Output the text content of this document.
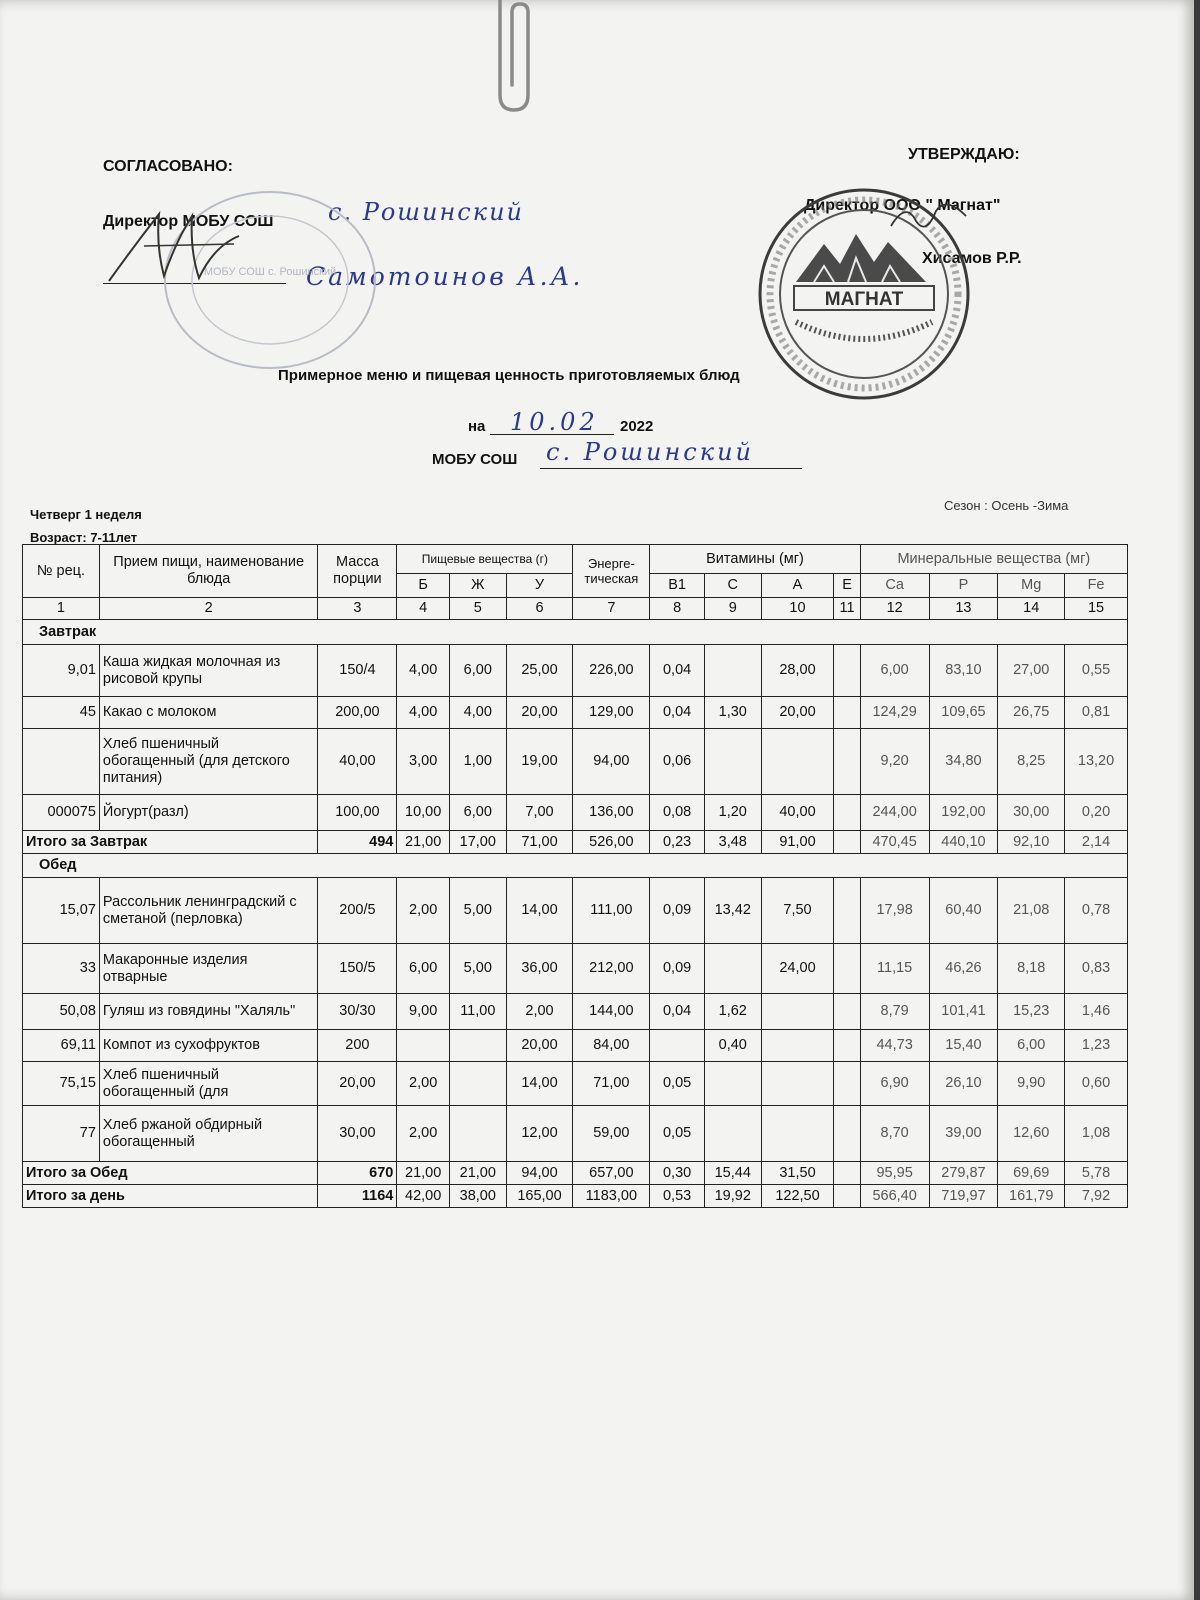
СОГЛАСОВАНО:
Директор МОБУ СОШ с. Рошинский
Самотоинов А.А.
МОБУ СОШ с. Рошинский
УТВЕРЖДАЮ:
Директор ООО " Магнат"
Хисамов Р.Р.
МАГНАТ
Примерное меню и пищевая ценность приготовляемых блюд
на 10.02 2022
МОБУ СОШ с. Рошинский
Четверг 1 неделя
Возраст: 7-11лет
Сезон : Осень -Зима
№ рец.	Прием пищи, наименование блюда	Масса порции	Пищевые вещества (г)			Энерге-тическая	Витамины (мг)				Минеральные вещества (мг)			
			Б	Ж	У		В1	С	А	Е	Ca	P	Mg	Fe
1	2	3	4	5	6	7	8	9	10	11	12	13	14	15
Завтрак														
9,01	Каша жидкая молочная из рисовой крупы	150/4	4,00	6,00	25,00	226,00	0,04		28,00		6,00	83,10	27,00	0,55
45	Какао с молоком	200,00	4,00	4,00	20,00	129,00	0,04	1,30	20,00		124,29	109,65	26,75	0,81
	Хлеб пшеничный обогащенный (для детского питания)	40,00	3,00	1,00	19,00	94,00	0,06				9,20	34,80	8,25	13,20
000075	Йогурт(разл)	100,00	10,00	6,00	7,00	136,00	0,08	1,20	40,00		244,00	192,00	30,00	0,20
Итого за Завтрак		494	21,00	17,00	71,00	526,00	0,23	3,48	91,00		470,45	440,10	92,10	2,14
Обед														
15,07	Рассольник ленинградский с сметаной (перловка)	200/5	2,00	5,00	14,00	111,00	0,09	13,42	7,50		17,98	60,40	21,08	0,78
33	Макаронные изделия отварные	150/5	6,00	5,00	36,00	212,00	0,09		24,00		11,15	46,26	8,18	0,83
50,08	Гуляш из говядины "Халяль"	30/30	9,00	11,00	2,00	144,00	0,04	1,62			8,79	101,41	15,23	1,46
69,11	Компот из сухофруктов	200			20,00	84,00		0,40			44,73	15,40	6,00	1,23
75,15	Хлеб пшеничный обогащенный (для	20,00	2,00		14,00	71,00	0,05				6,90	26,10	9,90	0,60
77	Хлеб ржаной обдирный обогащенный	30,00	2,00		12,00	59,00	0,05				8,70	39,00	12,60	1,08
Итого за Обед		670	21,00	21,00	94,00	657,00	0,30	15,44	31,50		95,95	279,87	69,69	5,78
Итого за день		1164	42,00	38,00	165,00	1183,00	0,53	19,92	122,50		566,40	719,97	161,79	7,92
